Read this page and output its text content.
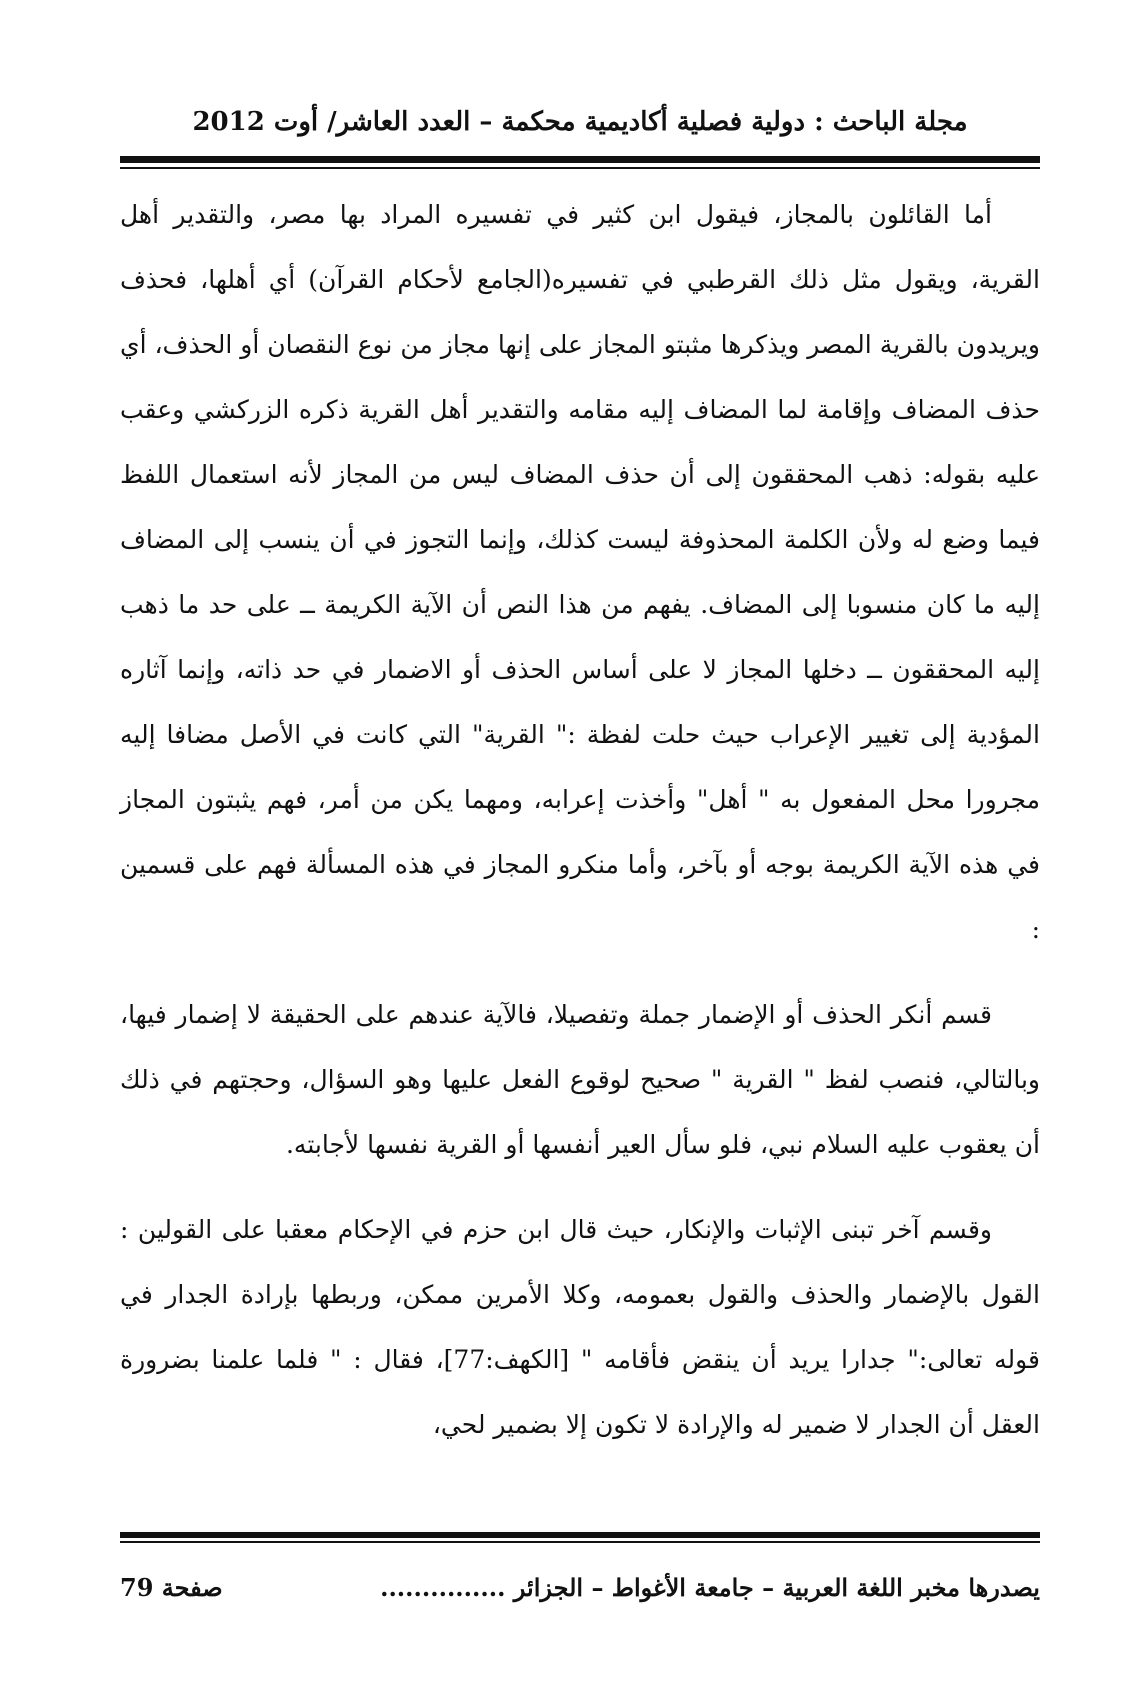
مجلة الباحث : دولية فصلية أكاديمية محكمة – العدد العاشر/ أوت 2012

أما القائلون بالمجاز، فيقول ابن كثير في تفسيره المراد بها مصر، والتقدير أهل القرية، ويقول مثل ذلك القرطبي في تفسيره(الجامع لأحكام القرآن) أي أهلها، فحذف ويريدون بالقرية المصر ويذكرها مثبتو المجاز على إنها مجاز من نوع النقصان أو الحذف، أي حذف المضاف وإقامة لما المضاف إليه مقامه والتقدير أهل القرية ذكره الزركشي وعقب عليه بقوله: ذهب المحققون إلى أن حذف المضاف ليس من المجاز لأنه استعمال اللفظ فيما وضع له ولأن الكلمة المحذوفة ليست كذلك، وإنما التجوز في أن ينسب إلى المضاف إليه ما كان منسوبا إلى المضاف. يفهم من هذا النص أن الآية الكريمة ــ على حد ما ذهب إليه المحققون ــ دخلها المجاز لا على أساس الحذف أو الاضمار في حد ذاته، وإنما آثاره المؤدية إلى تغيير الإعراب حيث حلت لفظة :" القرية" التي كانت في الأصل مضافا إليه مجرورا محل المفعول به " أهل" وأخذت إعرابه، ومهما يكن من أمر، فهم يثبتون المجاز في هذه الآية الكريمة بوجه أو بآخر، وأما منكرو المجاز في هذه المسألة فهم على قسمين :

قسم أنكر الحذف أو الإضمار جملة وتفصيلا، فالآية عندهم على الحقيقة لا إضمار فيها، وبالتالي، فنصب لفظ " القرية " صحيح لوقوع الفعل عليها وهو السؤال، وحجتهم في ذلك أن يعقوب عليه السلام نبي، فلو سأل العير أنفسها أو القرية نفسها لأجابته.

وقسم آخر تبنى الإثبات والإنكار، حيث قال ابن حزم في الإحكام معقبا على القولين : القول بالإضمار والحذف والقول بعمومه، وكلا الأمرين ممكن، وربطها بإرادة الجدار في قوله تعالى:" جدارا يريد أن ينقض فأقامه " [الكهف:77]، فقال : " فلما علمنا بضرورة العقل أن الجدار لا ضمير له والإرادة لا تكون إلا بضمير لحي،

يصدرها مخبر اللغة العربية – جامعة الأغواط – الجزائر ...............
صفحة 79
